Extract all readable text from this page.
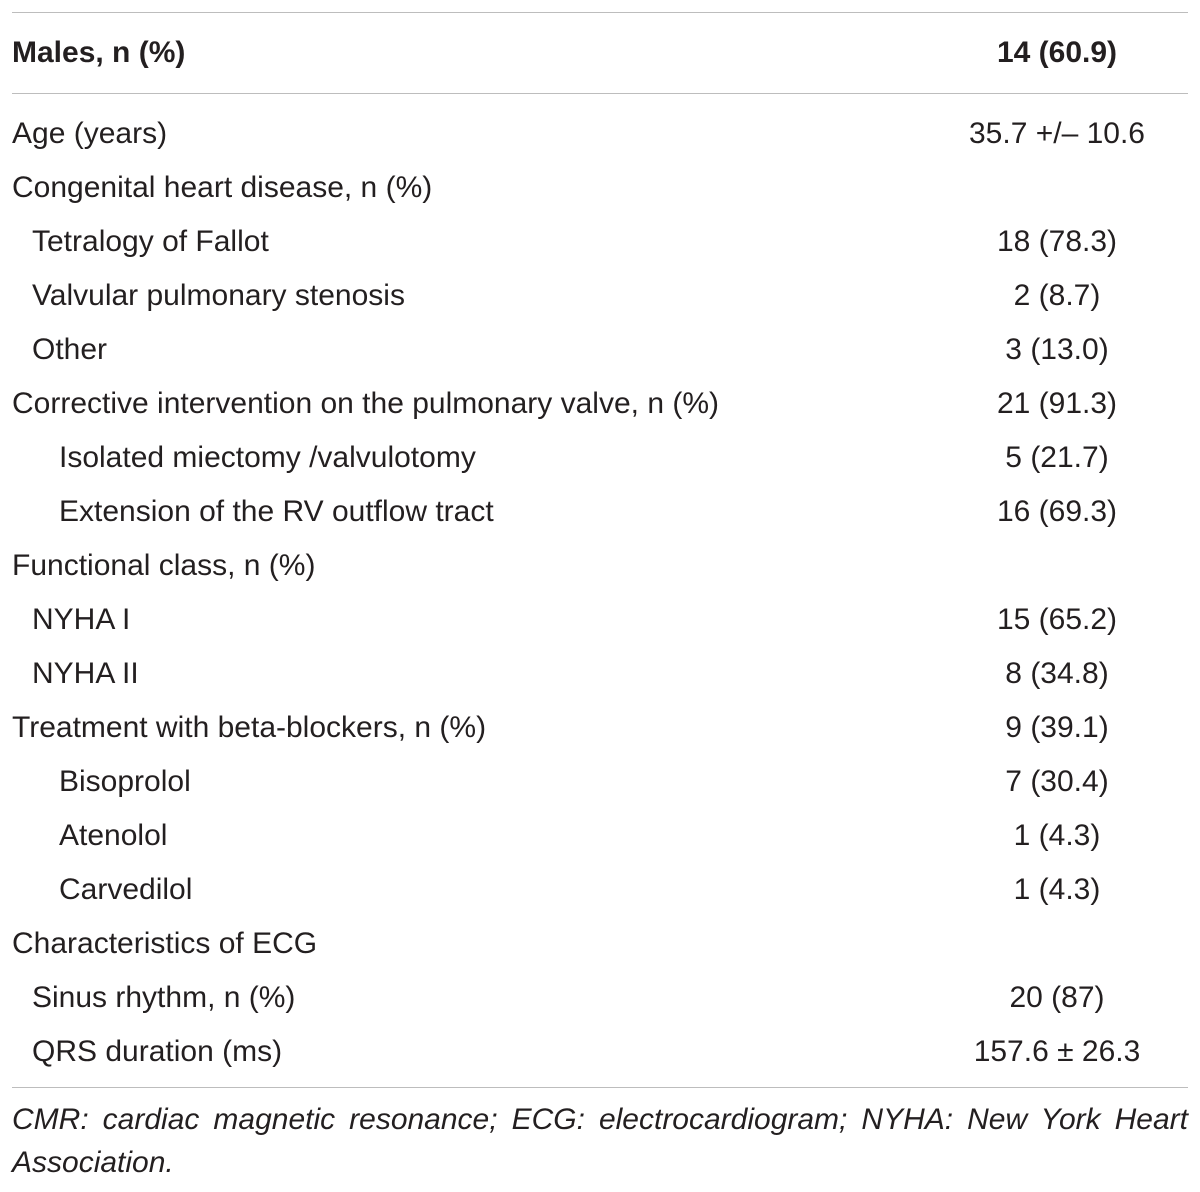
Males, n (%)	14 (60.9)
Age (years)	35.7 +/– 10.6
Congenital heart disease, n (%)
Tetralogy of Fallot	18 (78.3)
Valvular pulmonary stenosis	2 (8.7)
Other	3 (13.0)
Corrective intervention on the pulmonary valve, n (%)	21 (91.3)
Isolated miectomy /valvulotomy	5 (21.7)
Extension of the RV outflow tract	16 (69.3)
Functional class, n (%)
NYHA I	15 (65.2)
NYHA II	8 (34.8)
Treatment with beta-blockers, n (%)	9 (39.1)
Bisoprolol	7 (30.4)
Atenolol	1 (4.3)
Carvedilol	1 (4.3)
Characteristics of ECG
Sinus rhythm, n (%)	20 (87)
QRS duration (ms)	157.6 ± 26.3
CMR: cardiac magnetic resonance; ECG: electrocardiogram; NYHA: New York Heart Association.
